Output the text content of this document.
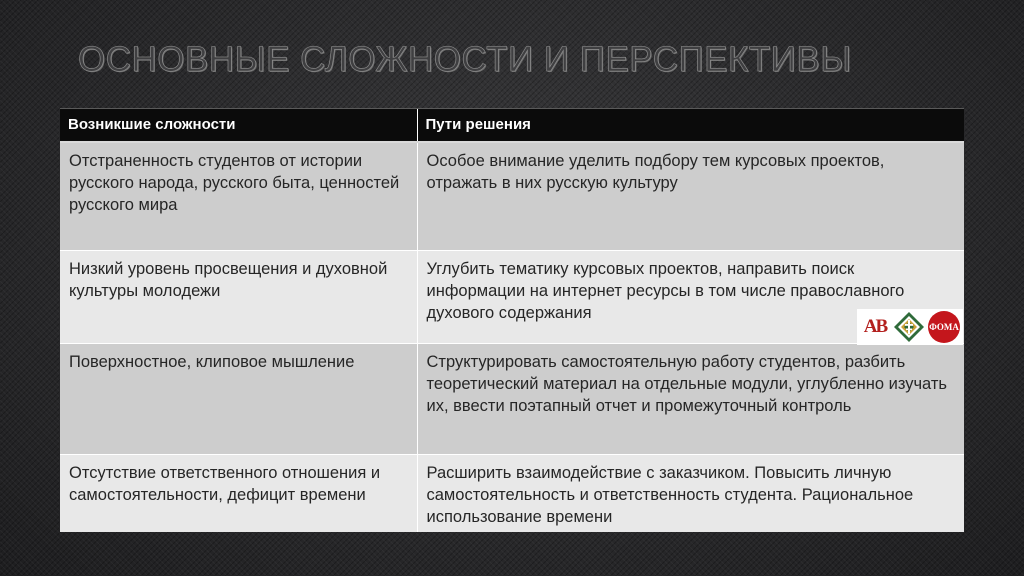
ОСНОВНЫЕ СЛОЖНОСТИ И ПЕРСПЕКТИВЫ
Возникшие сложности	Пути решения
Отстраненность студентов от истории русского народа, русского быта, ценностей русского мира	Особое внимание уделить подбору тем курсовых проектов, отражать в них русскую культуру
Низкий уровень просвещения и духовной культуры молодежи	Углубить тематику курсовых проектов, направить поиск информации на интернет ресурсы в том числе православного духового содержания
АВ ФОМА

Поверхностное, клиповое мышление	Структурировать самостоятельную работу студентов, разбить теоретический материал на отдельные модули, углубленно изучать их, ввести поэтапный отчет и промежуточный контроль
Отсутствие ответственного отношения и самостоятельности, дефицит времени	Расширить взаимодействие с заказчиком. Повысить личную самостоятельность и ответственность студента. Рациональное использование времени
